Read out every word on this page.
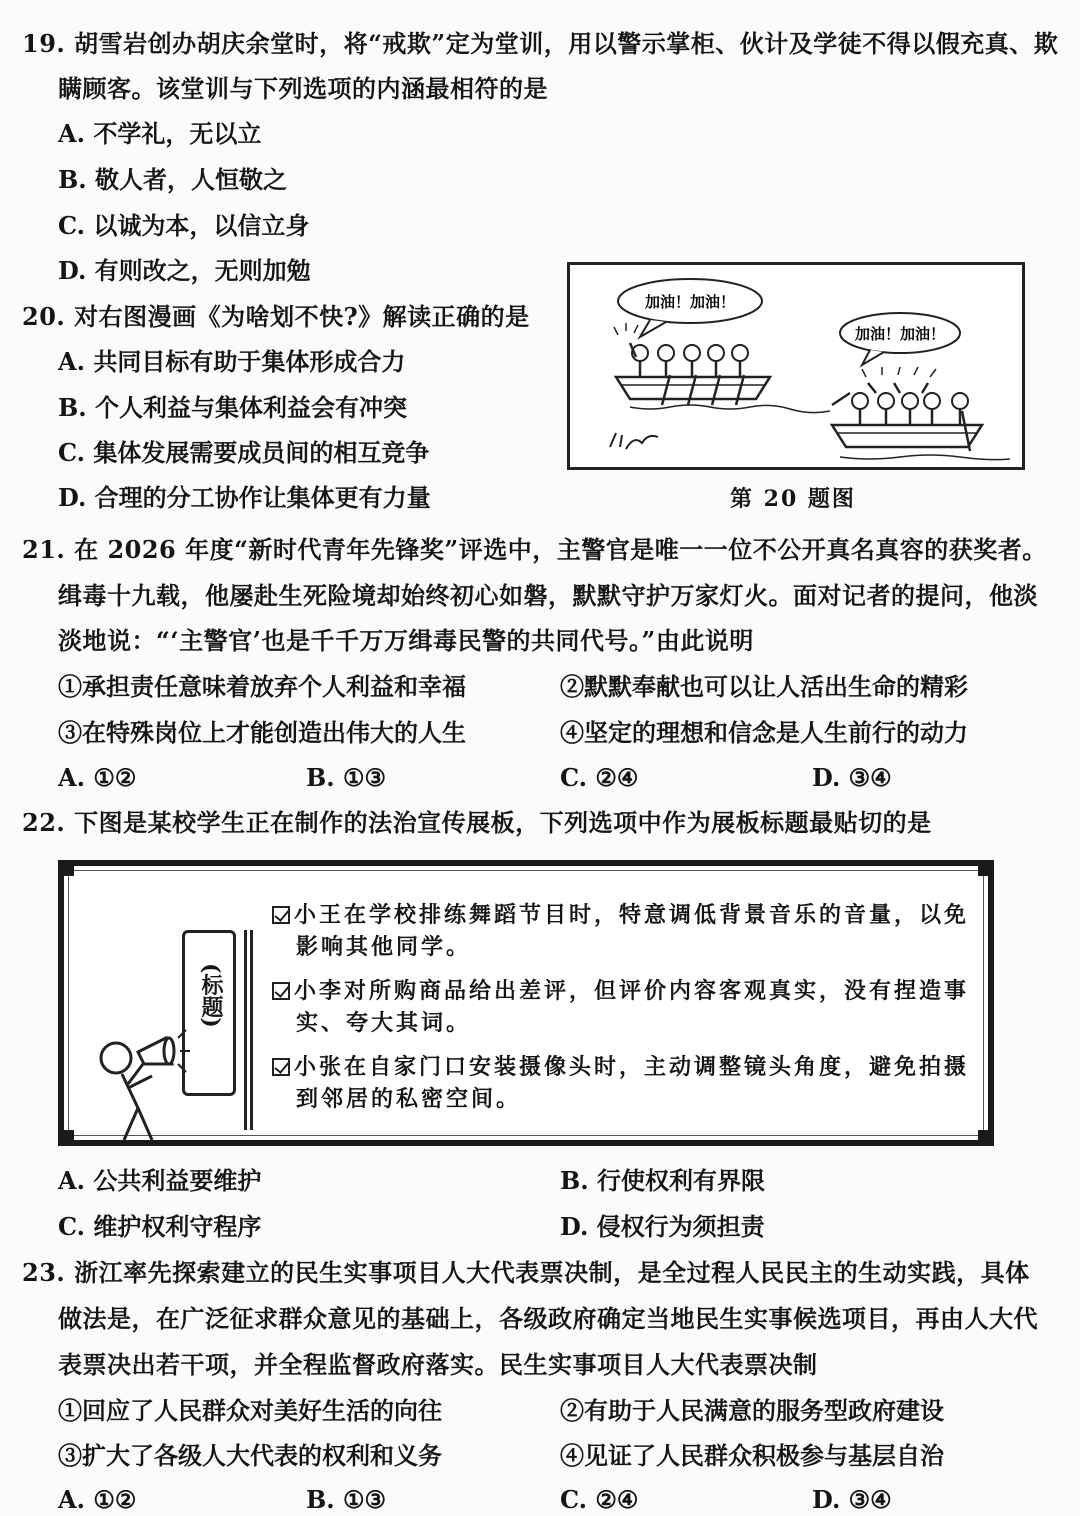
19. 胡雪岩创办胡庆余堂时，将“戒欺”定为堂训，用以警示掌柜、伙计及学徒不得以假充真、欺
瞒顾客。该堂训与下列选项的内涵最相符的是
A. 不学礼，无以立
B. 敬人者，人恒敬之
C. 以诚为本，以信立身
D. 有则改之，无则加勉
20. 对右图漫画《为啥划不快?》解读正确的是
A. 共同目标有助于集体形成合力
B. 个人利益与集体利益会有冲突
C. 集体发展需要成员间的相互竞争
D. 合理的分工协作让集体更有力量
加油！加油！
加油！加油！
第 20 题图
21. 在 2026 年度“新时代青年先锋奖”评选中，主警官是唯一一位不公开真名真容的获奖者。
缉毒十九载，他屡赴生死险境却始终初心如磐，默默守护万家灯火。面对记者的提问，他淡
淡地说：“‘主警官’也是千千万万缉毒民警的共同代号。”由此说明
①承担责任意味着放弃个人利益和幸福	②默默奉献也可以让人活出生命的精彩
③在特殊岗位上才能创造出伟大的人生	④坚定的理想和信念是人生前行的动力
A. ①②	B. ①③	C. ②④	D. ③④
22. 下图是某校学生正在制作的法治宣传展板，下列选项中作为展板标题最贴切的是
(标题)
小王在学校排练舞蹈节目时，特意调低背景音乐的音量，以免
影响其他同学。
小李对所购商品给出差评，但评价内容客观真实，没有捏造事
实、夸大其词。
小张在自家门口安装摄像头时，主动调整镜头角度，避免拍摄
到邻居的私密空间。
A. 公共利益要维护	B. 行使权利有界限
C. 维护权利守程序	D. 侵权行为须担责
23. 浙江率先探索建立的民生实事项目人大代表票决制，是全过程人民民主的生动实践，具体
做法是，在广泛征求群众意见的基础上，各级政府确定当地民生实事候选项目，再由人大代
表票决出若干项，并全程监督政府落实。民生实事项目人大代表票决制
①回应了人民群众对美好生活的向往	②有助于人民满意的服务型政府建设
③扩大了各级人大代表的权利和义务	④见证了人民群众积极参与基层自治
A. ①②	B. ①③	C. ②④	D. ③④
